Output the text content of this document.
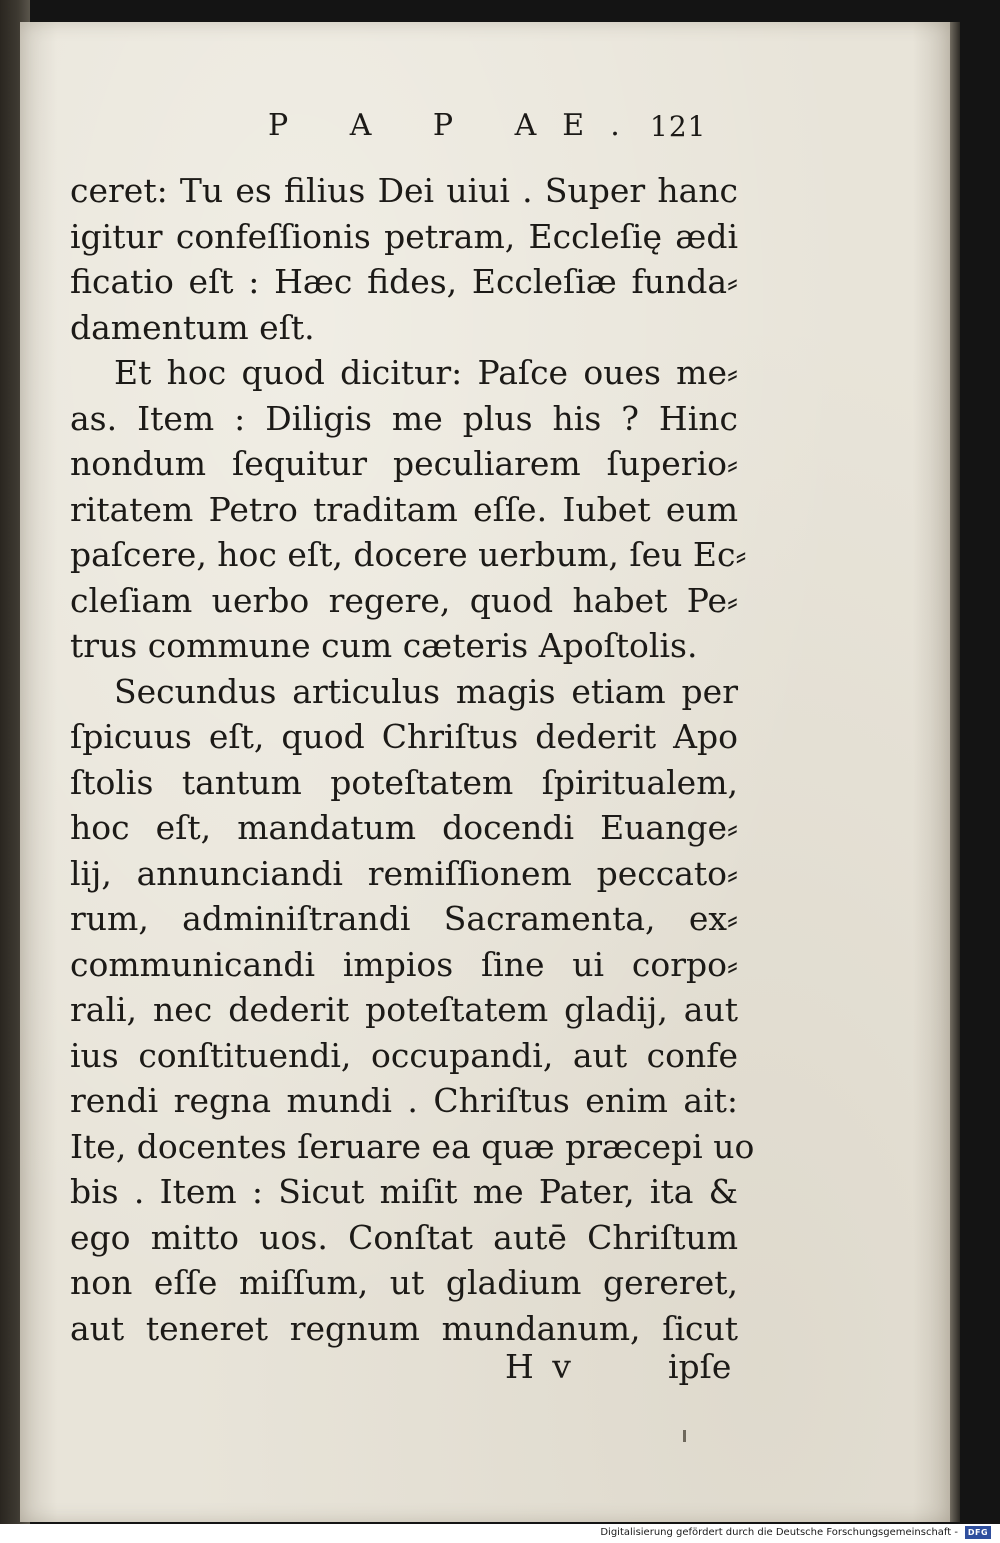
P A P AE. 121

ceret: Tu es filius Dei uiui . Super hanc
igitur confeſſionis petram, Eccleſię ædi
ficatio eſt : Hæc fides, Eccleſiæ funda⸗
damentum eſt.
Et hoc quod dicitur: Paſce oues me⸗
as. Item : Diligis me plus his ? Hinc
nondum ſequitur peculiarem ſuperio⸗
ritatem Petro traditam eſſe. Iubet eum
paſcere, hoc eſt, docere uerbum, ſeu Ec⸗
cleſiam uerbo regere, quod habet Pe⸗
trus commune cum cæteris Apoſtolis.
Secundus articulus magis etiam per
ſpicuus eſt, quod Chriſtus dederit Apo
ſtolis tantum poteſtatem ſpiritualem,
hoc eſt, mandatum docendi Euange⸗
lij, annunciandi remiſſionem peccato⸗
rum, adminiſtrandi Sacramenta, ex⸗
communicandi impios ſine ui corpo⸗
rali, nec dederit poteſtatem gladij, aut
ius conſtituendi, occupandi, aut confe
rendi regna mundi . Chriſtus enim ait:
Ite, docentes ſeruare ea quæ præcepi uo
bis . Item : Sicut miſit me Pater, ita &
ego mitto uos. Conſtat autē Chriſtum
non eſſe miſſum, ut gladium gereret,
aut teneret regnum mundanum, ſicut

H v	ipſe

Digitalisierung gefördert durch die Deutsche Forschungsgemeinschaft -	DFG
